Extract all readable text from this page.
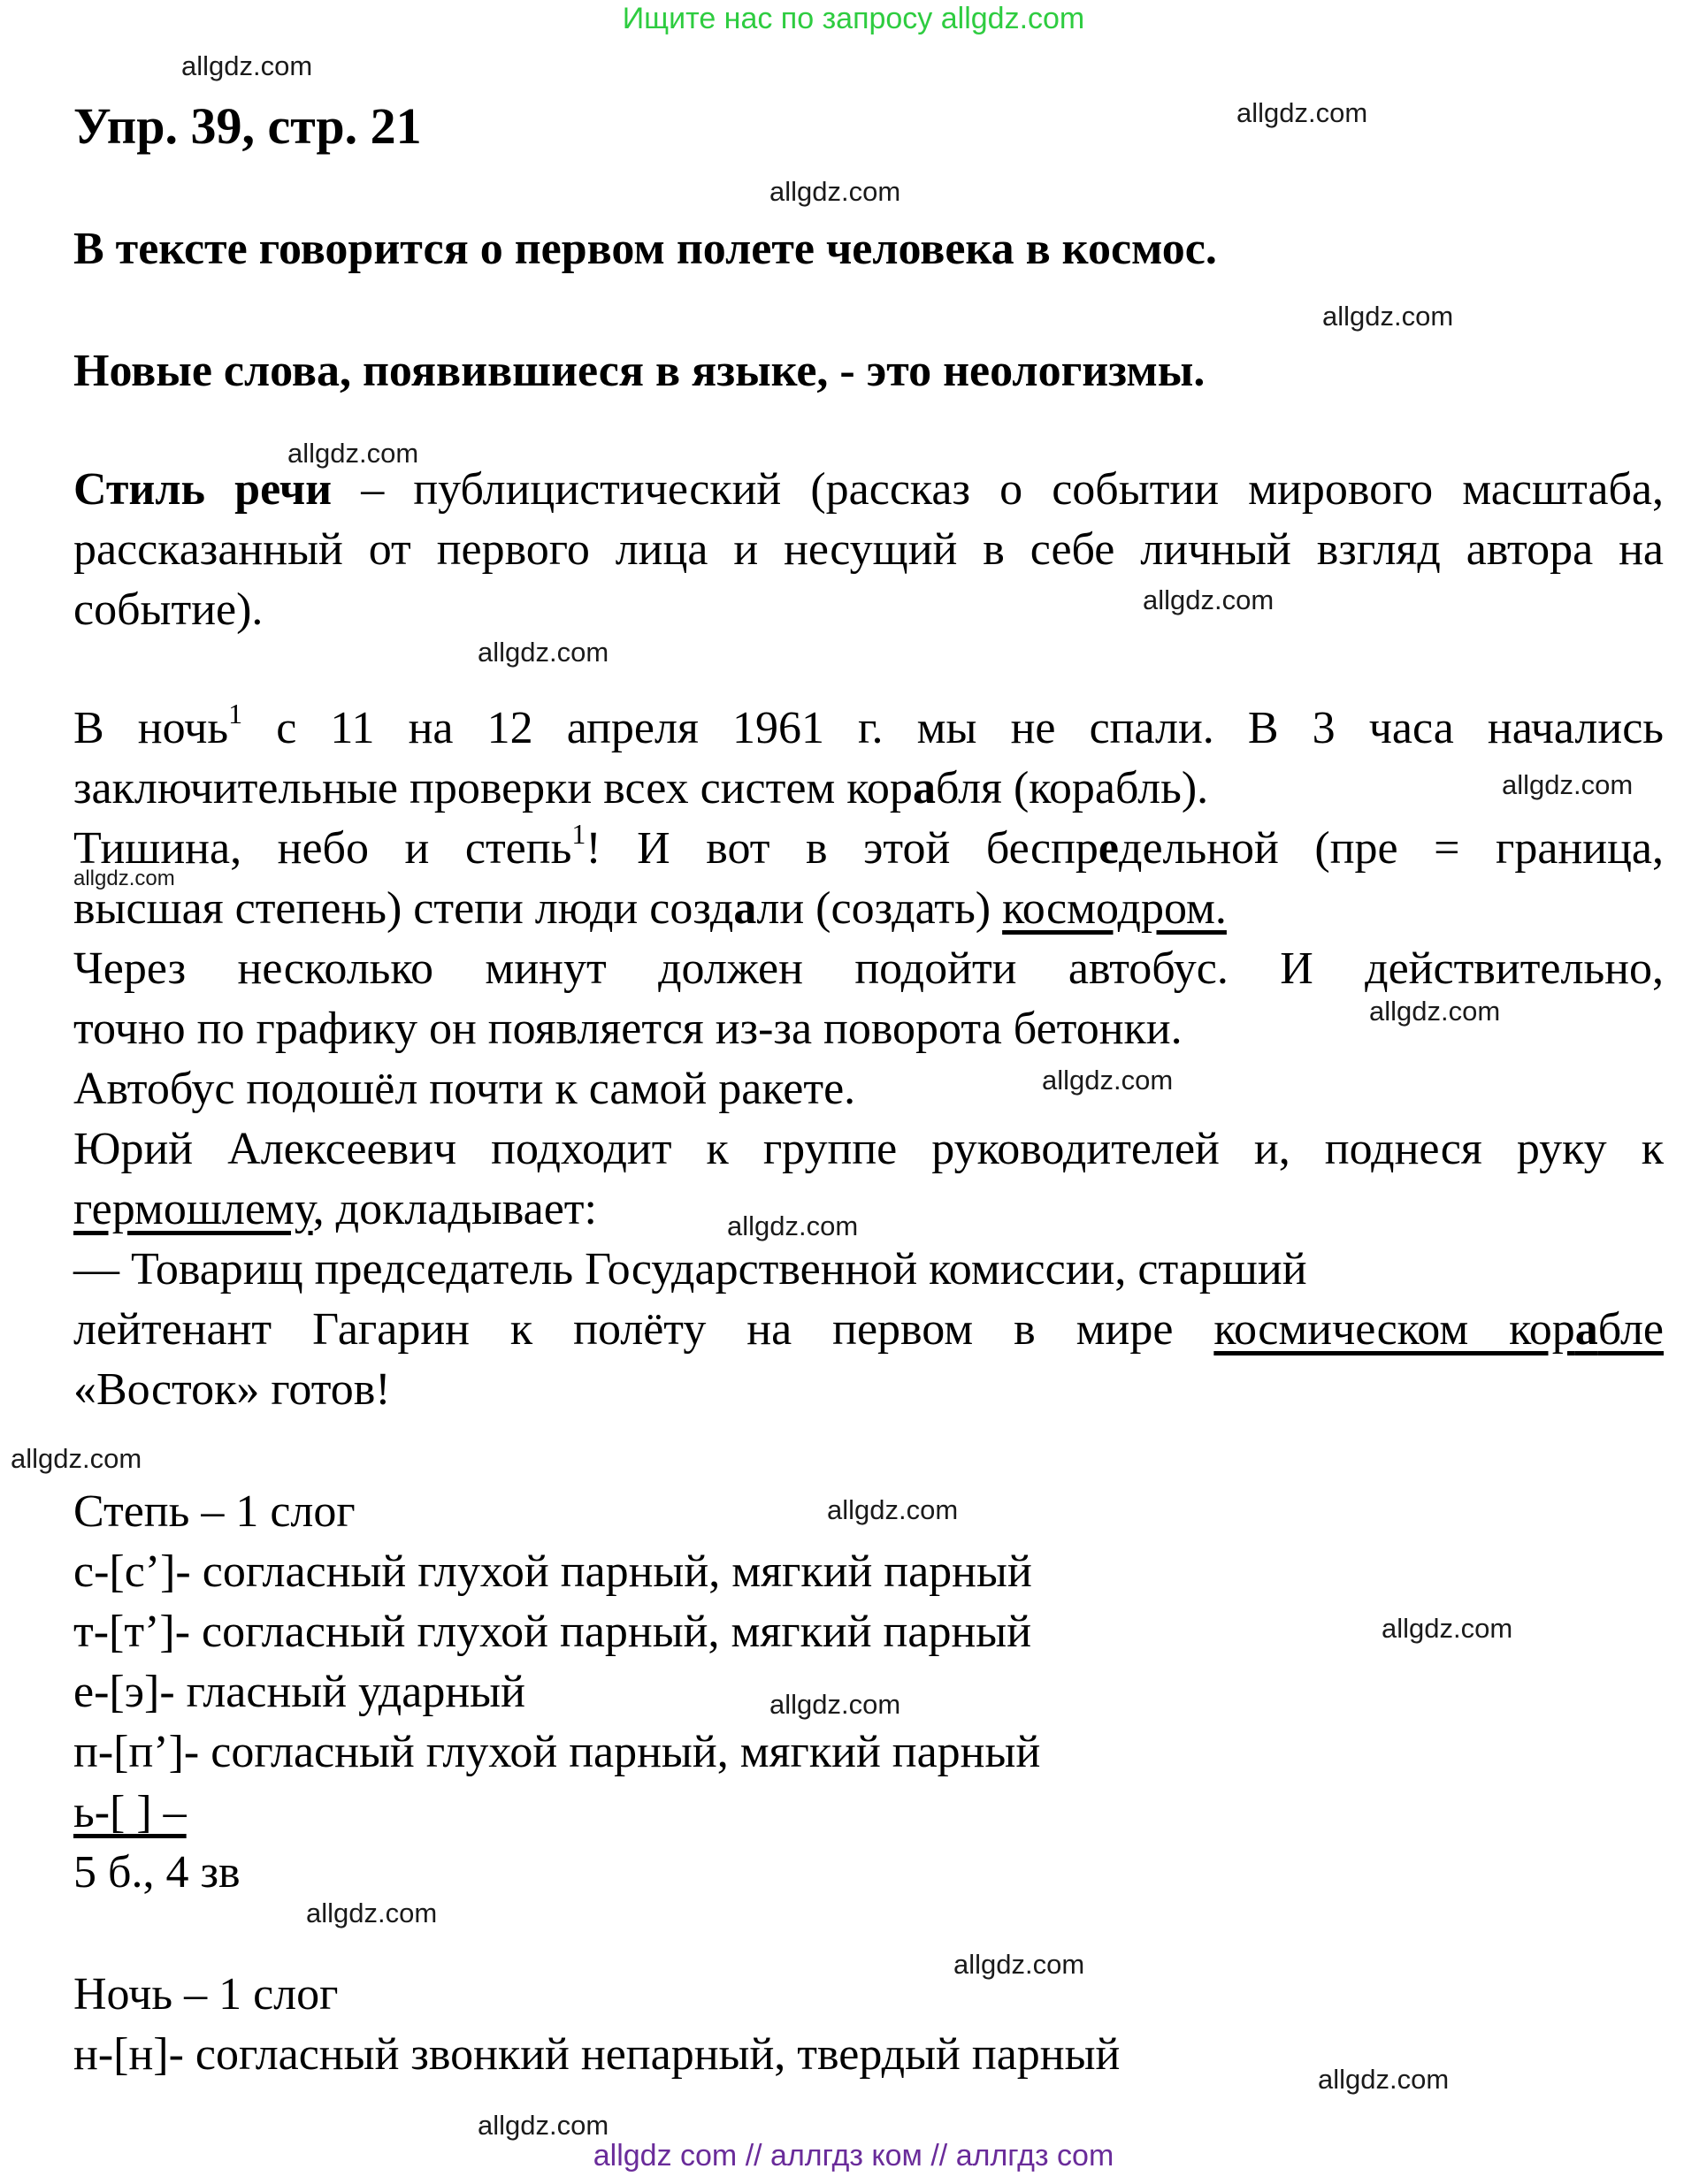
Ищите нас по запросу allgdz.com
allgdz.com
allgdz.com
allgdz.com
allgdz.com
allgdz.com
allgdz.com
allgdz.com
allgdz.com
allgdz.com
allgdz.com
allgdz.com
allgdz.com
allgdz.com
allgdz.com
allgdz.com
allgdz.com
allgdz.com
allgdz.com
allgdz.com
allgdz.com
Упр. 39, стр. 21
В тексте говорится о первом полете человека в космос.
Новые слова, появившиеся в языке, - это неологизмы.
Стиль речи – публицистический (рассказ о событии мирового масштаба, рассказанный от первого лица и несущий в себе личный взгляд автора на событие).
В ночь$^1$ с 11 на 12 апреля 1961 г. мы не спали. В 3 часа начались
заключительные проверки всех систем корабля (корабль).
Тишина, небо и степь$^1$! И вот в этой беспредельной (пре = граница,
высшая степень) степи люди создали (создать) космодром.
Через несколько минут должен подойти автобус. И действительно,
точно по графику он появляется из-за поворота бетонки.
Автобус подошёл почти к самой ракете.
Юрий Алексеевич подходит к группе руководителей и, поднеся руку к
гермошлему, докладывает:
— Товарищ председатель Государственной комиссии, старший
лейтенант Гагарин к полёту на первом в мире космическом корабле
«Восток» готов!
Степь – 1 слог
с-[с’]- согласный глухой парный, мягкий парный
т-[т’]- согласный глухой парный, мягкий парный
е-[э]- гласный ударный
п-[п’]- согласный глухой парный, мягкий парный
ь-[ ] –
5 б., 4 зв
Ночь – 1 слог
н-[н]- согласный звонкий непарный, твердый парный
allgdz com // аллгдз ком // аллгдз com
